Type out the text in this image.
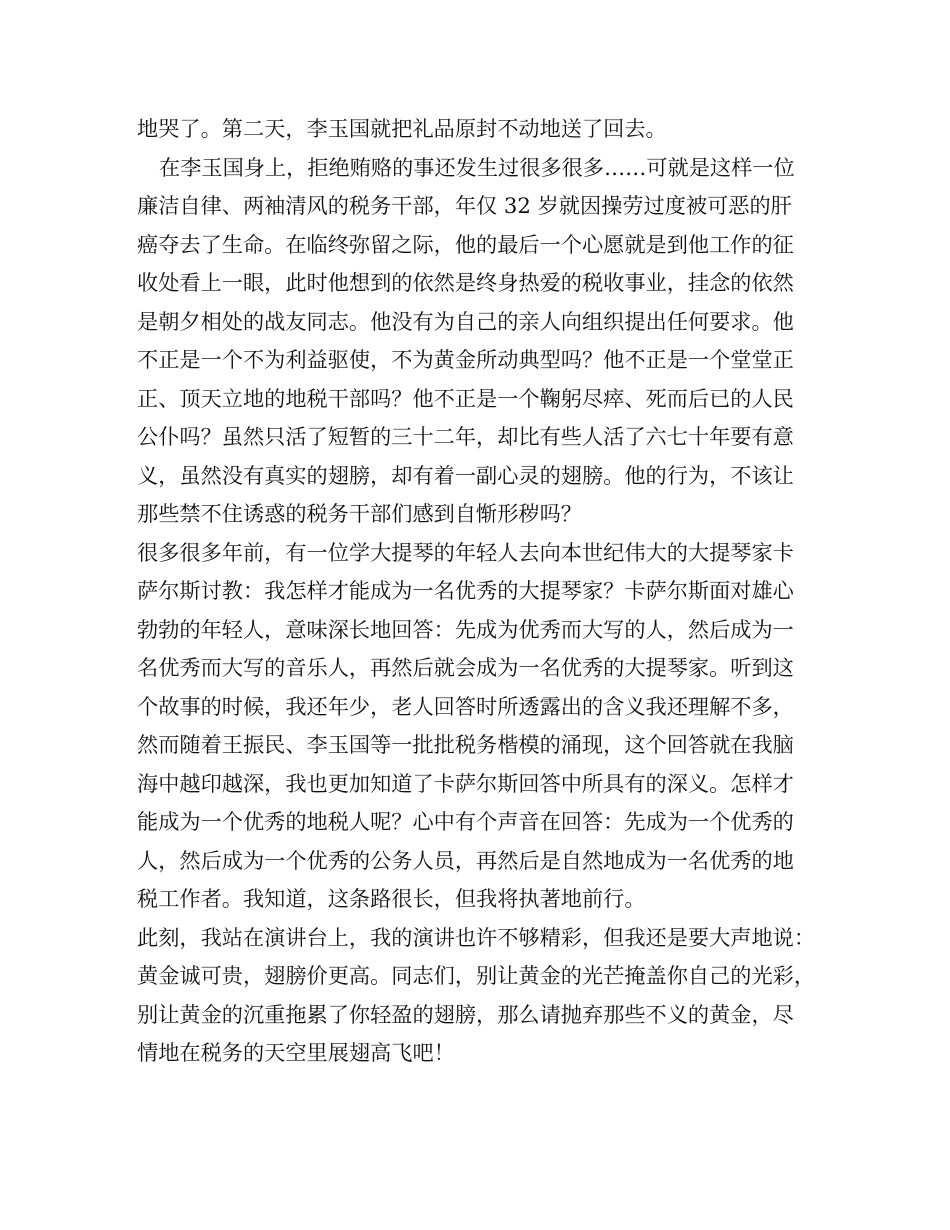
地哭了。第二天，李玉国就把礼品原封不动地送了回去。
在李玉国身上，拒绝贿赂的事还发生过很多很多……可就是这样一位
廉洁自律、两袖清风的税务干部，年仅 32 岁就因操劳过度被可恶的肝
癌夺去了生命。在临终弥留之际，他的最后一个心愿就是到他工作的征
收处看上一眼，此时他想到的依然是终身热爱的税收事业，挂念的依然
是朝夕相处的战友同志。他没有为自己的亲人向组织提出任何要求。他
不正是一个不为利益驱使，不为黄金所动典型吗？他不正是一个堂堂正
正、顶天立地的地税干部吗？他不正是一个鞠躬尽瘁、死而后已的人民
公仆吗？虽然只活了短暂的三十二年，却比有些人活了六七十年要有意
义，虽然没有真实的翅膀，却有着一副心灵的翅膀。他的行为，不该让
那些禁不住诱惑的税务干部们感到自惭形秽吗？
很多很多年前，有一位学大提琴的年轻人去向本世纪伟大的大提琴家卡
萨尔斯讨教：我怎样才能成为一名优秀的大提琴家？卡萨尔斯面对雄心
勃勃的年轻人，意味深长地回答：先成为优秀而大写的人，然后成为一
名优秀而大写的音乐人，再然后就会成为一名优秀的大提琴家。听到这
个故事的时候，我还年少，老人回答时所透露出的含义我还理解不多，
然而随着王振民、李玉国等一批批税务楷模的涌现，这个回答就在我脑
海中越印越深，我也更加知道了卡萨尔斯回答中所具有的深义。怎样才
能成为一个优秀的地税人呢？心中有个声音在回答：先成为一个优秀的
人，然后成为一个优秀的公务人员，再然后是自然地成为一名优秀的地
税工作者。我知道，这条路很长，但我将执著地前行。
此刻，我站在演讲台上，我的演讲也许不够精彩，但我还是要大声地说：
黄金诚可贵，翅膀价更高。同志们，别让黄金的光芒掩盖你自己的光彩，
别让黄金的沉重拖累了你轻盈的翅膀，那么请抛弃那些不义的黄金，尽
情地在税务的天空里展翅高飞吧！
